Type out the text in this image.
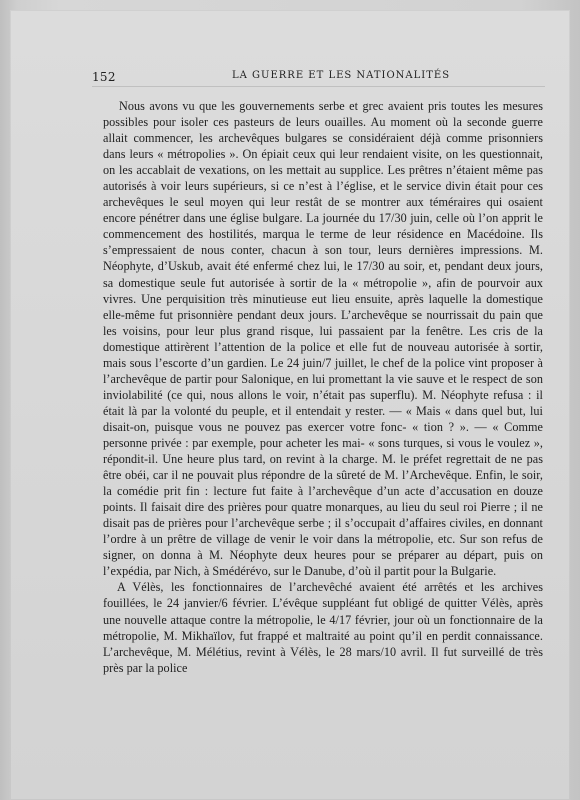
152	LA GUERRE ET LES NATIONALITÉS

Nous avons vu que les gouvernements serbe et grec avaient pris toutes les mesures possibles pour isoler ces pasteurs de leurs ouailles. Au moment où la seconde guerre allait commencer, les archevêques bulgares se considéraient déjà comme prisonniers dans leurs « métropolies ». On épiait ceux qui leur rendaient visite, on les questionnait, on les accablait de vexations, on les mettait au supplice. Les prêtres n’étaient même pas autorisés à voir leurs supérieurs, si ce n’est à l’église, et le service divin était pour ces archevêques le seul moyen qui leur restât de se montrer aux téméraires qui osaient encore pénétrer dans une église bulgare. La journée du 17/30 juin, celle où l’on apprit le commencement des hostilités, marqua le terme de leur résidence en Macédoine. Ils s’empressaient de nous conter, chacun à son tour, leurs dernières impressions. M. Néophyte, d’Uskub, avait été enfermé chez lui, le 17/30 au soir, et, pendant deux jours, sa domestique seule fut autorisée à sortir de la « métropolie », afin de pourvoir aux vivres. Une perquisition très minutieuse eut lieu ensuite, après laquelle la domestique elle-même fut prisonnière pendant deux jours. L’archevêque se nourrissait du pain que les voisins, pour leur plus grand risque, lui passaient par la fenêtre. Les cris de la domestique attirèrent l’attention de la police et elle fut de nouveau autorisée à sortir, mais sous l’escorte d’un gardien. Le 24 juin/7 juillet, le chef de la police vint proposer à l’archevêque de partir pour Salonique, en lui promettant la vie sauve et le respect de son inviolabilité (ce qui, nous allons le voir, n’était pas superflu). M. Néophyte refusa : il était là par la volonté du peuple, et il entendait y rester. — « Mais « dans quel but, lui disait-on, puisque vous ne pouvez pas exercer votre fonc- « tion ? ». — « Comme personne privée : par exemple, pour acheter les mai- « sons turques, si vous le voulez », répondit-il. Une heure plus tard, on revint à la charge. M. le préfet regrettait de ne pas être obéi, car il ne pouvait plus répondre de la sûreté de M. l’Archevêque. Enfin, le soir, la comédie prit fin : lecture fut faite à l’archevêque d’un acte d’accusation en douze points. Il faisait dire des prières pour quatre monarques, au lieu du seul roi Pierre ; il ne disait pas de prières pour l’archevêque serbe ; il s’occupait d’affaires civiles, en donnant l’ordre à un prêtre de village de venir le voir dans la métropolie, etc. Sur son refus de signer, on donna à M. Néophyte deux heures pour se préparer au départ, puis on l’expédia, par Nich, à Smédérévo, sur le Danube, d’où il partit pour la Bulgarie.

A Vélès, les fonctionnaires de l’archevêché avaient été arrêtés et les archives fouillées, le 24 janvier/6 février. L’évêque suppléant fut obligé de quitter Vélès, après une nouvelle attaque contre la métropolie, le 4/17 février, jour où un fonctionnaire de la métropolie, M. Mikhaïlov, fut frappé et maltraité au point qu’il en perdit connaissance. L’archevêque, M. Mélétius, revint à Vélès, le 28 mars/10 avril. Il fut surveillé de très près par la police
